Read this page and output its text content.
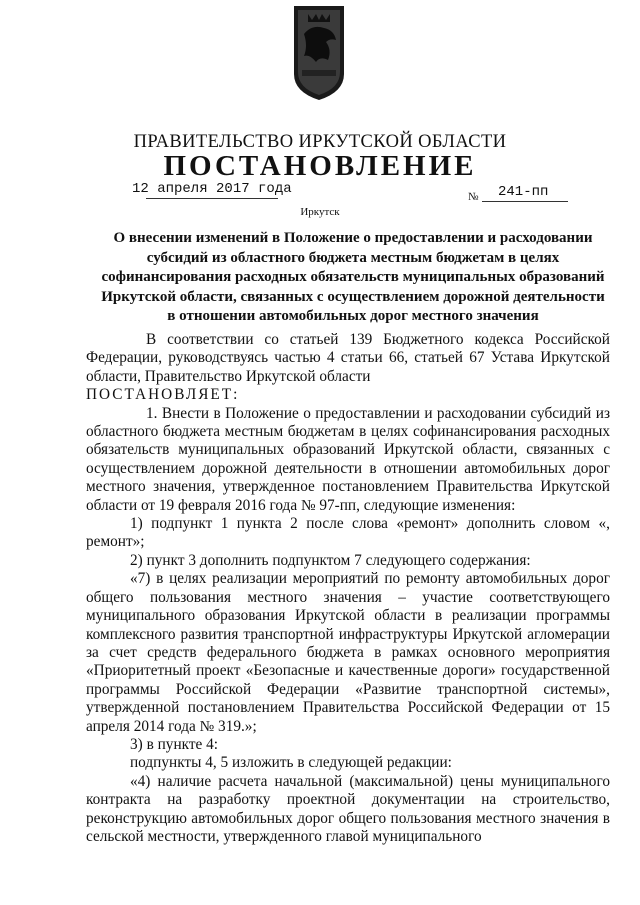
ПРАВИТЕЛЬСТВО ИРКУТСКОЙ ОБЛАСТИ
ПОСТАНОВЛЕНИЕ
12 апреля 2017 года	№ 241-пп
Иркутск
О внесении изменений в Положение о предоставлении и расходовании субсидий из областного бюджета местным бюджетам в целях софинансирования расходных обязательств муниципальных образований Иркутской области, связанных с осуществлением дорожной деятельности в отношении автомобильных дорог местного значения

В соответствии со статьей 139 Бюджетного кодекса Российской Федерации, руководствуясь частью 4 статьи 66, статьей 67 Устава Иркутской области, Правительство Иркутской области

ПОСТАНОВЛЯЕТ:

1. Внести в Положение о предоставлении и расходовании субсидий из областного бюджета местным бюджетам в целях софинансирования расходных обязательств муниципальных образований Иркутской области, связанных с осуществлением дорожной деятельности в отношении автомобильных дорог местного значения, утвержденное постановлением Правительства Иркутской области от 19 февраля 2016 года № 97-пп, следующие изменения:

1) подпункт 1 пункта 2 после слова «ремонт» дополнить словом «, ремонт»;

2) пункт 3 дополнить подпунктом 7 следующего содержания:

«7) в целях реализации мероприятий по ремонту автомобильных дорог общего пользования местного значения – участие соответствующего муниципального образования Иркутской области в реализации программы комплексного развития транспортной инфраструктуры Иркутской агломерации за счет средств федерального бюджета в рамках основного мероприятия «Приоритетный проект «Безопасные и качественные дороги» государственной программы Российской Федерации «Развитие транспортной системы», утвержденной постановлением Правительства Российской Федерации от 15 апреля 2014 года № 319.»;

3) в пункте 4:

подпункты 4, 5 изложить в следующей редакции:

«4) наличие расчета начальной (максимальной) цены муниципального контракта на разработку проектной документации на строительство, реконструкцию автомобильных дорог общего пользования местного значения в сельской местности, утвержденного главой муниципального
